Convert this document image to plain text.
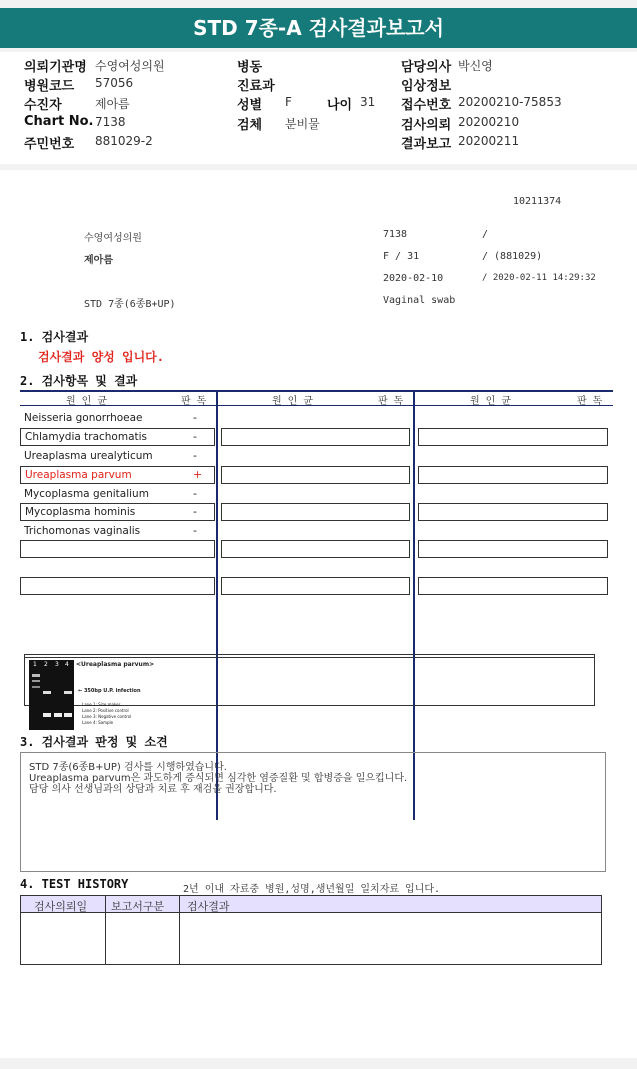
STD 7종-A 검사결과보고서
의뢰기관명 수영여성의원
병원코드 57056
수진자	제아름
Chart No. 7138
주민번호 881029-2
병동
진료과
성별 F	나이 31
검체 분비물
담당의사 박신영
임상정보
접수번호 20200210-75853
검사의뢰 20200210
결과보고 20200211
10211374
수영여성의원	7138	/
제아름	F / 31	/ (881029)
2020-02-10	/ 2020-02-11 14:29:32
STD 7종(6종B+UP)	Vaginal swab
1. 검사결과
검사결과 양성 입니다.
2. 검사항목 및 결과
원 인 균	판 독	원 인 균	판 독	원 인 균	판 독
Neisseria gonorrhoeae	-
Chlamydia trachomatis	-
Ureaplasma urealyticum	-
Ureaplasma parvum	+
Mycoplasma genitalium	-
Mycoplasma hominis	-
Trichomonas vaginalis	-
1 2 3 4 <Ureaplasma parvum>
← 350bp U.P. infection
Lane 1: Size maker
Lane 2: Positive control
Lane 3: Negative control
Lane 4: Sample
3. 검사결과 판정 및 소견
STD 7종(6종B+UP) 검사를 시행하였습니다.
Ureaplasma parvum은 과도하게 증식되면 심각한 염증질환 및 합병증을 일으킵니다.
담당 의사 선생님과의 상담과 치료 후 재검을 권장합니다.
4. TEST HISTORY	2년 이내 자료중 병원,성명,생년월일 일치자료 입니다.
검사의뢰일 보고서구분 검사결과
